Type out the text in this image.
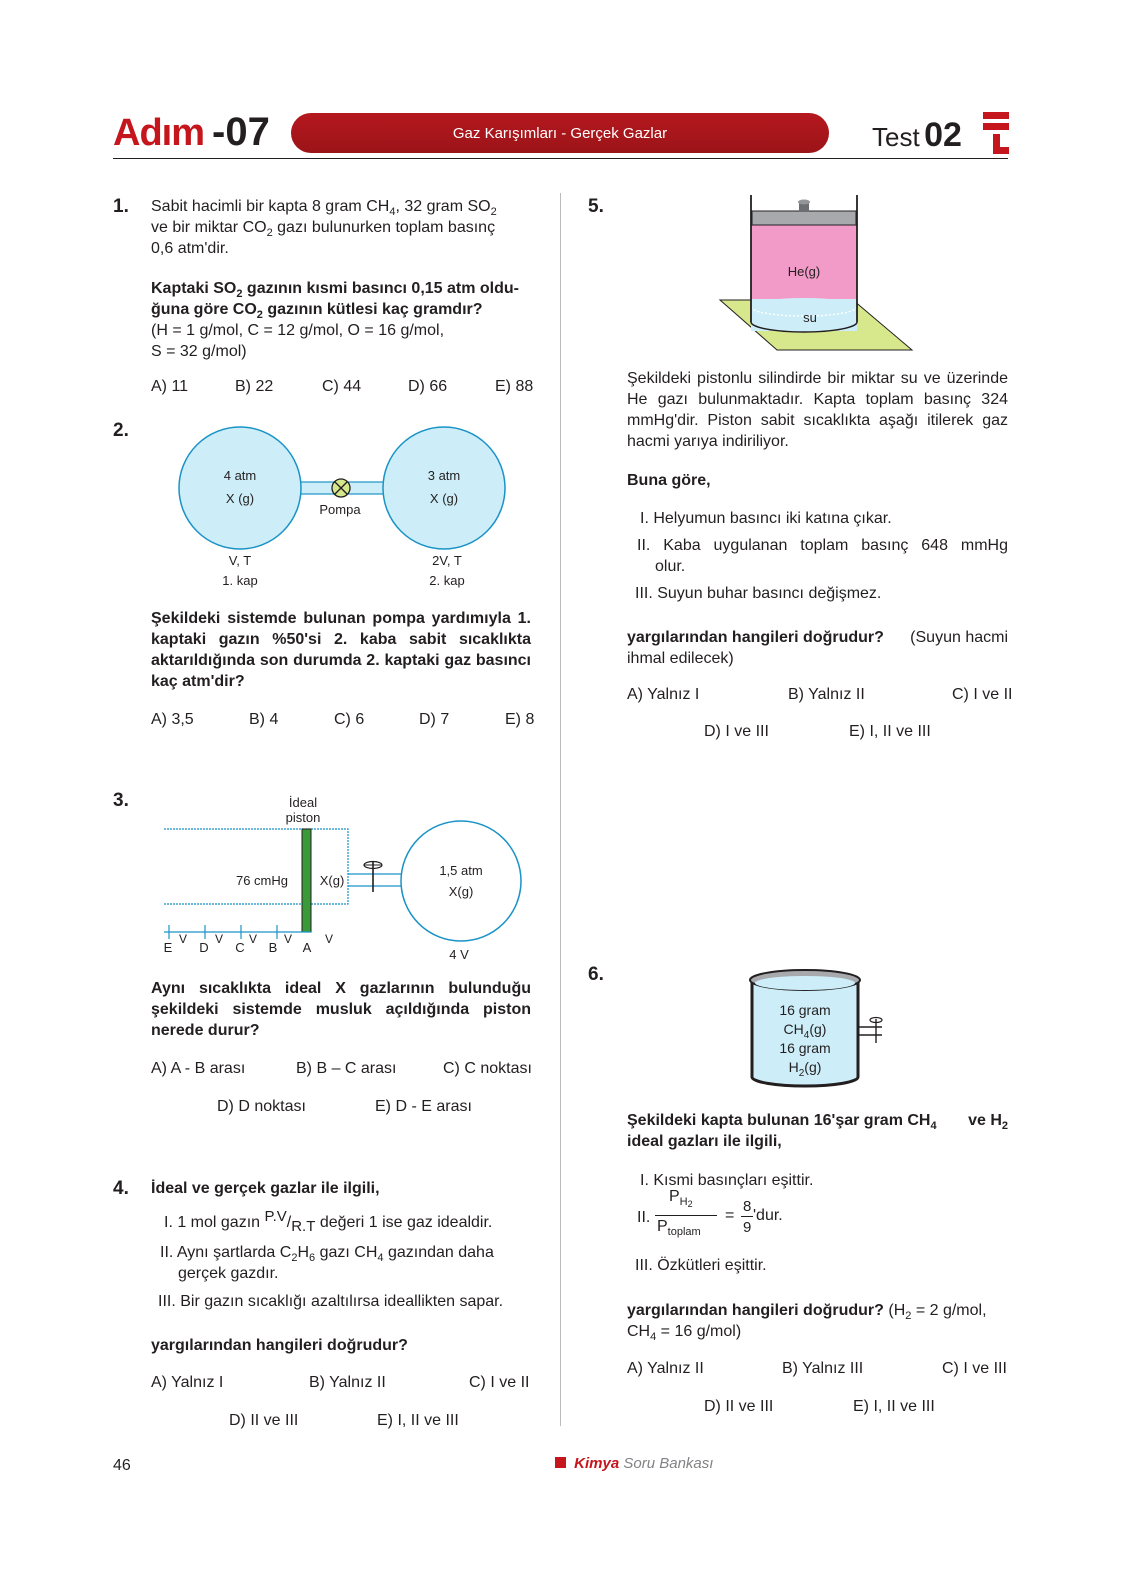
Adım -07	Gaz Karışımları - Gerçek Gazlar	Test 02
1. Sabit hacimli bir kapta 8 gram $CH_4$, 32 gram $SO_2$
ve bir miktar $CO_2$ gazı bulunurken toplam basınç
0,6 atm'dir.
Kaptaki $SO_2$ gazının kısmi basıncı 0,15 atm oldu-
ğuna göre $CO_2$ gazının kütlesi kaç gramdır?
(H = 1 g/mol, C = 12 g/mol, O = 16 g/mol,
S = 32 g/mol)
A) 11	B) 22	C) 44	D) 66	E) 88
2.
4 atm
X (g)
3 atm
X (g)
Pompa
V, T
1. kap
2V, T
2. kap
Şekildeki sistemde bulunan pompa yardımıyla 1. kaptaki gazın %50'si 2. kaba sabit sıcaklıkta aktarıldığında son durumda 2. kaptaki gaz basıncı kaç atm'dir?
A) 3,5	B) 4	C) 6	D) 7	E) 8
3.	İdeal
piston
76 cmHg X(g)
1,5 atm
X(g)
4 V
E D C B A
V V V V	V
Aynı sıcaklıkta ideal X gazlarının bulunduğu şekildeki sistemde musluk açıldığında piston nerede durur?
A) A - B arası	B) B – C arası	C) C noktası
D) D noktası	E) D - E arası
4. İdeal ve gerçek gazlar ile ilgili,
I. 1 mol gazın $^{P.V}/_{R.T}$ değeri 1 ise gaz idealdir.
II. Aynı şartlarda $C_2H_6$ gazı $CH_4$ gazından daha
gerçek gazdır.
III. Bir gazın sıcaklığı azaltılırsa ideallikten sapar.
yargılarından hangileri doğrudur?
A) Yalnız I	B) Yalnız II	C) I ve II
D) II ve III	E) I, II ve III
5.
He(g)
su
Şekildeki pistonlu silindirde bir miktar su ve üzerinde He gazı bulunmaktadır. Kapta toplam basınç 324 mmHg'dir. Piston sabit sıcaklıkta aşağı itilerek gaz hacmi yarıya indiriliyor.
Buna göre,
I. Helyumun basıncı iki katına çıkar.
II. Kaba uygulanan toplam basınç 648 mmHg
olur.
III. Suyun buhar basıncı değişmez.
yargılarından hangileri doğrudur? (Suyun hacmi
ihmal edilecek)
A) Yalnız I	B) Yalnız II	C) I ve II
D) I ve III	E) I, II ve III
6.
16 gram
$CH_4(g)$
16 gram
$H_2(g)$
Şekildeki kapta bulunan 16'şar gram $CH_4$ ve $H_2$
ideal gazları ile ilgili,
I. Kısmi basınçları eşittir.
II.
$P_{H_2}$
$P_{toplam}$
=
8
9
'dur.
III. Özkütleri eşittir.
yargılarından hangileri doğrudur? ($H_2 = 2$ g/mol,
$CH_4 = 16$ g/mol)
A) Yalnız II	B) Yalnız III	C) I ve III
D) II ve III	E) I, II ve III
46	Kimya Soru Bankası
